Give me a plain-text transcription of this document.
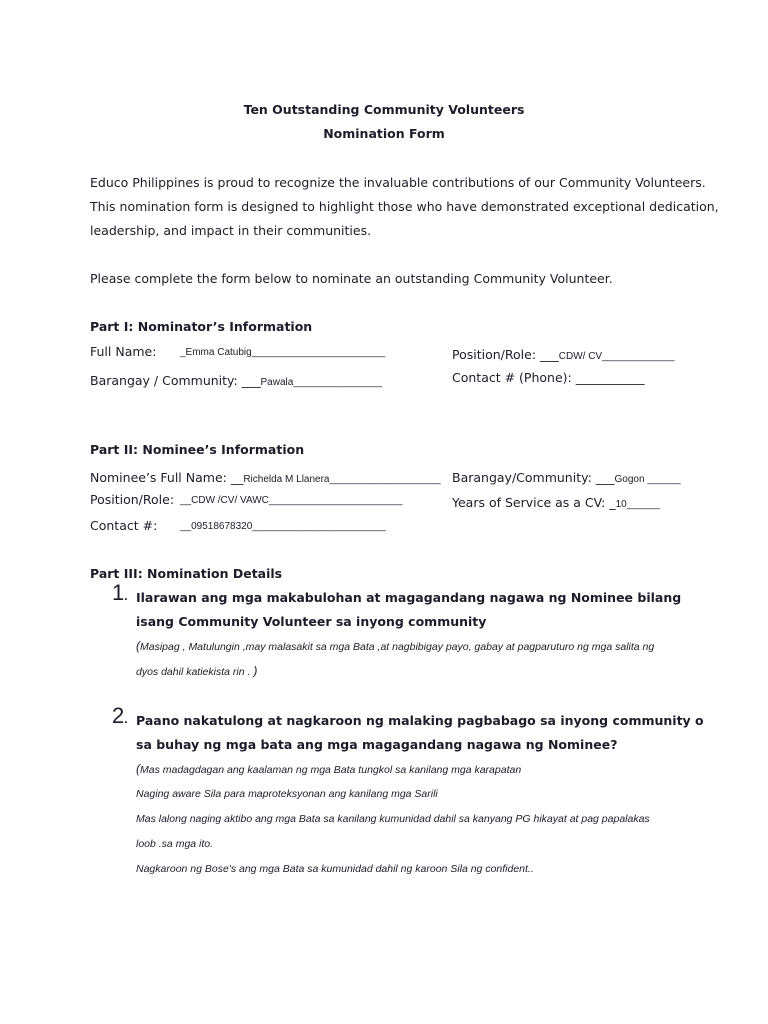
Ten Outstanding Community Volunteers
Nomination Form
Educo Philippines is proud to recognize the invaluable contributions of our Community Volunteers.
This nomination form is designed to highlight those who have demonstrated exceptional dedication,
leadership, and impact in their communities.
Please complete the form below to nominate an outstanding Community Volunteer.
Part I: Nominator’s Information
Full Name: _Emma Catubig________________________	Position/Role: ___CDW/ CV_____________
Barangay / Community: ___Pawala________________	Contact # (Phone): ___________
Part II: Nominee’s Information
Nominee’s Full Name: __Richelda M Llanera____________________ Barangay/Community: ___Gogon ______
Position/Role: __CDW /CV/ VAWC________________________	Years of Service as a CV: _10______
Contact #: __09518678320________________________
Part III: Nomination Details
1. Ilarawan ang mga makabulohan at magagandang nagawa ng Nominee bilang
isang Community Volunteer sa inyong community
(Masipag , Matulungin ,may malasakit sa mga Bata ,at nagbibigay payo, gabay at pagparuturo ng mga salita ng
dyos dahil katiekista rin . )
2. Paano nakatulong at nagkaroon ng malaking pagbabago sa inyong community o
sa buhay ng mga bata ang mga magagandang nagawa ng Nominee?
(Mas madagdagan ang kaalaman ng mga Bata tungkol sa kanilang mga karapatan
Naging aware Sila para maproteksyonan ang kanilang mga Sarili
Mas lalong naging aktibo ang mga Bata sa kanilang kumunidad dahil sa kanyang PG hikayat at pag papalakas
loob .sa mga ito.
Nagkaroon ng Bose's ang mga Bata sa kumunidad dahil ng karoon Sila ng confident..
